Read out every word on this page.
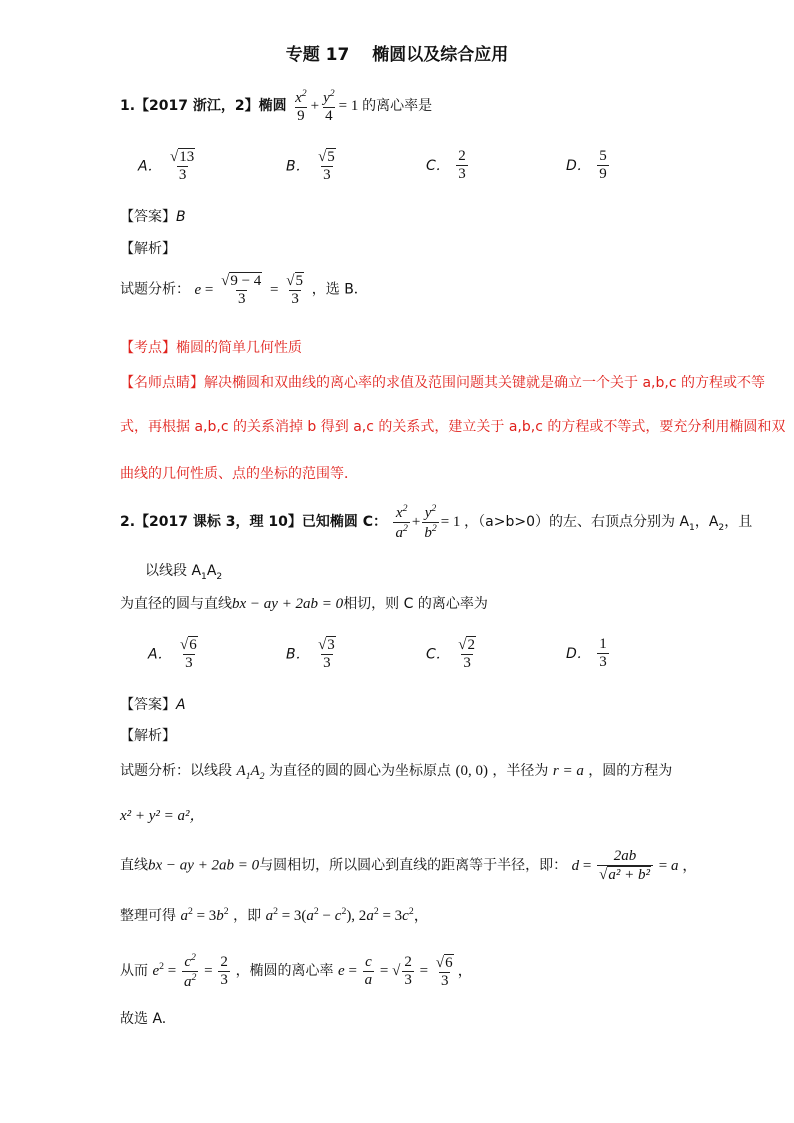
专题 17　 椭圆以及综合应用
1.【2017 浙江，2】椭圆 $\frac{x^2}{9} + \frac{y^2}{4} = 1$ 的离心率是
A． $\frac{√13}{3}$	B． $\frac{√5}{3}$	C． $\frac{2}{3}$	D． $\frac{5}{9}$
【答案】B
【解析】
试题分析： $e = \frac{√9 - 4}{3} = \frac{√5}{3}$ ，选 B．
【考点】椭圆的简单几何性质
【名师点睛】解决椭圆和双曲线的离心率的求值及范围问题其关键就是确立一个关于 a,b,c 的方程或不等
式，再根据 a,b,c 的关系消掉 b 得到 a,c 的关系式，建立关于 a,b,c 的方程或不等式，要充分利用椭圆和双
曲线的几何性质、点的坐标的范围等．
2.【2017 课标 3，理 10】已知椭圆 C： $\frac{x^2}{a^2} + \frac{y^2}{b^2} = 1$ ，（a>b>0）的左、右顶点分别为 $A_1$，$A_2$，且
以线段 $A_1A_2$
为直径的圆与直线bx − ay + 2ab = 0相切，则 C 的离心率为
A． $\frac{√6}{3}$	B． $\frac{√3}{3}$	C． $\frac{√2}{3}$	D． $\frac{1}{3}$
【答案】A
【解析】
试题分析：以线段 $A_1A_2$ 为直径的圆的圆心为坐标原点 (0, 0) ，半径为 r = a ，圆的方程为
x² + y² = a²，
直线bx − ay + 2ab = 0与圆相切，所以圆心到直线的距离等于半径，即： $d = \frac{2ab}{\text{√a² + b²}} = a$ ，
整理可得 $a^2 = 3b^2$ ，即 $a^2 = 3(a^2 - c^2)$, $2a^2 = 3c^2$，
从而 $e^2 = \frac{c^2}{a^2} = \frac{2}{3}$ ，椭圆的离心率 $e = \frac{c}{a}$ = √ $\frac{2}{3} = \frac{√6}{3}$ ，
故选 A.
